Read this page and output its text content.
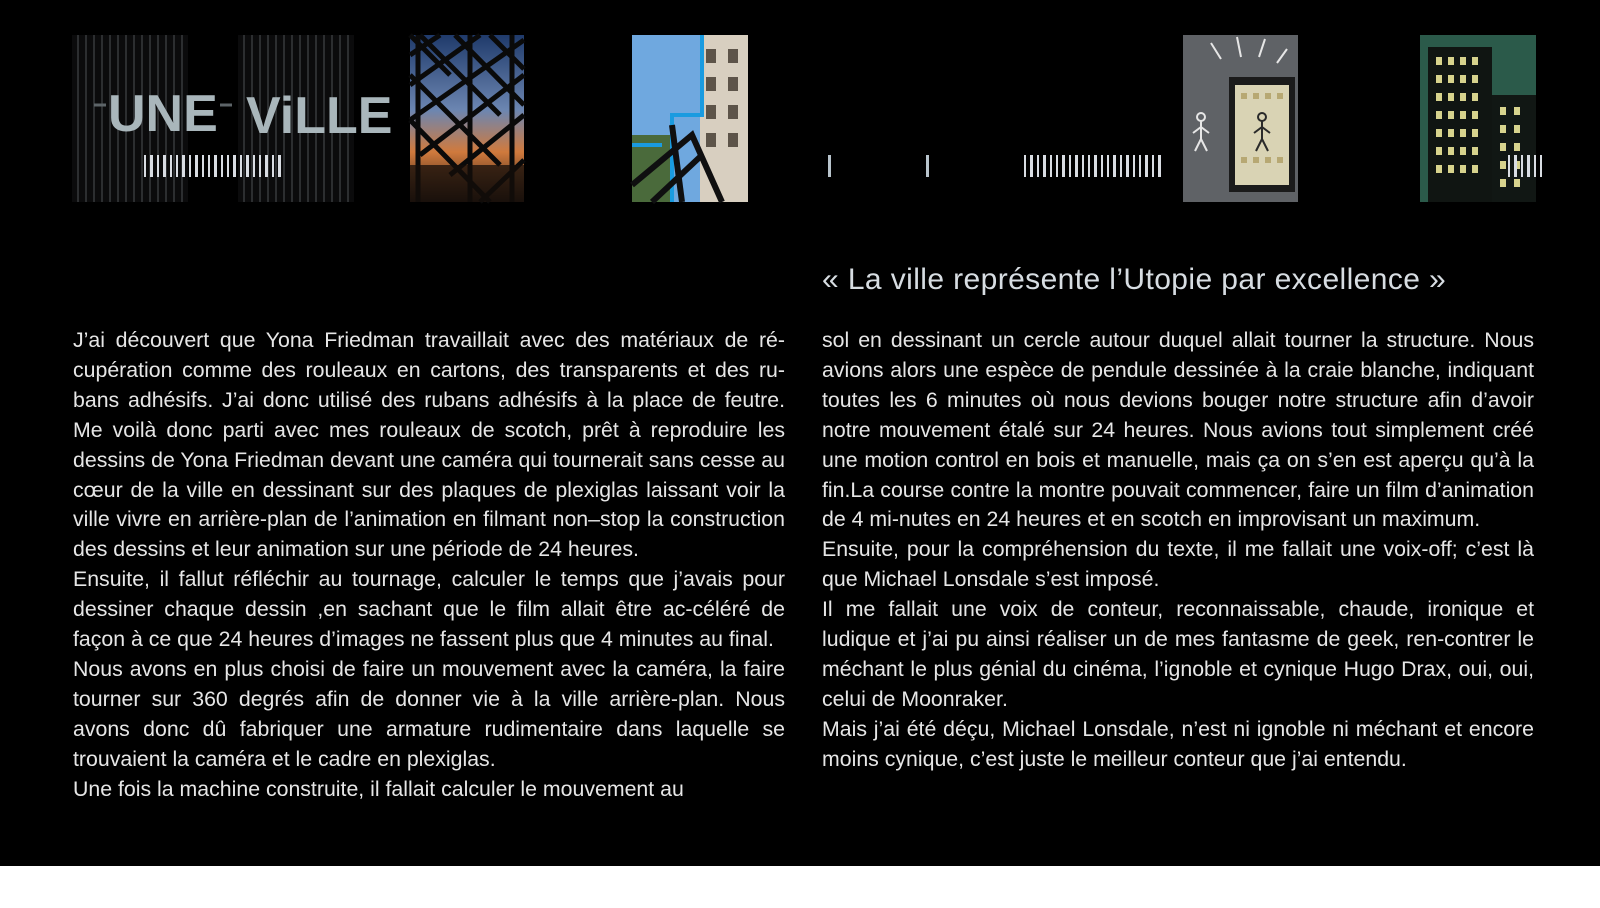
UNE ViLLE
« La ville représente l’Utopie par excellence »

J’ai découvert que Yona Friedman travaillait avec des matériaux de ré-cupération comme des rouleaux en cartons, des transparents et des ru-bans adhésifs. J’ai donc utilisé des rubans adhésifs à la place de feutre. Me voilà donc parti avec mes rouleaux de scotch, prêt à reproduire les dessins de Yona Friedman devant une caméra qui tournerait sans cesse au cœur de la ville en dessinant sur des plaques de plexiglas laissant voir la ville vivre en arrière-plan de l’animation en filmant non–stop la construction des dessins et leur animation sur une période de 24 heures.

Ensuite, il fallut réfléchir au tournage, calculer le temps que j’avais pour dessiner chaque dessin ,en sachant que le film allait être ac-céléré de façon à ce que 24 heures d’images ne fassent plus que 4 minutes au final.

Nous avons en plus choisi de faire un mouvement avec la caméra, la faire tourner sur 360 degrés afin de donner vie à la ville arrière-plan. Nous avons donc dû fabriquer une armature rudimentaire dans laquelle se trouvaient la caméra et le cadre en plexiglas.

Une fois la machine construite, il fallait calculer le mouvement au

sol en dessinant un cercle autour duquel allait tourner la structure. Nous avions alors une espèce de pendule dessinée à la craie blanche, indiquant toutes les 6 minutes où nous devions bouger notre structure afin d’avoir notre mouvement étalé sur 24 heures. Nous avions tout simplement créé une motion control en bois et manuelle, mais ça on s’en est aperçu qu’à la fin.La course contre la montre pouvait commencer, faire un film d’animation de 4 mi-nutes en 24 heures et en scotch en improvisant un maximum.

Ensuite, pour la compréhension du texte, il me fallait une voix-off; c’est là que Michael Lonsdale s’est imposé.

Il me fallait une voix de conteur, reconnaissable, chaude, ironique et ludique et j’ai pu ainsi réaliser un de mes fantasme de geek, ren-contrer le méchant le plus génial du cinéma, l’ignoble et cynique Hugo Drax, oui, oui, celui de Moonraker.

Mais j’ai été déçu, Michael Lonsdale, n’est ni ignoble ni méchant et encore moins cynique, c’est juste le meilleur conteur que j’ai entendu.
